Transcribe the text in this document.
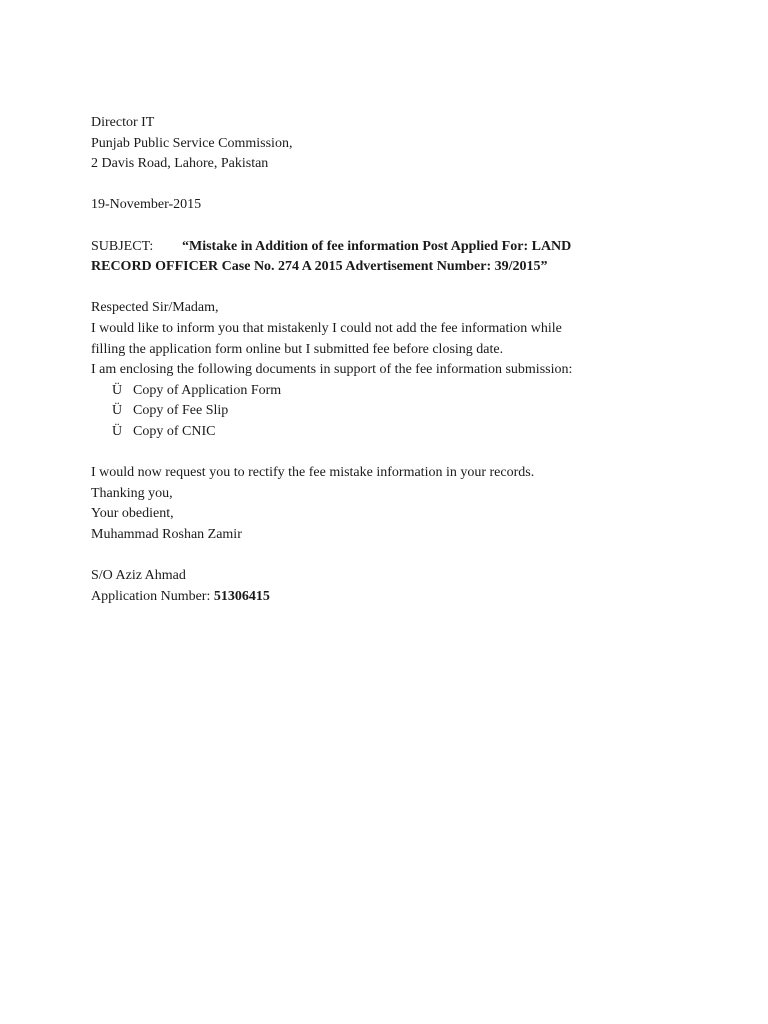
Director IT
Punjab Public Service Commission,
2 Davis Road, Lahore, Pakistan
19-November-2015
SUBJECT: “Mistake in Addition of fee information Post Applied For: LAND
RECORD OFFICER Case No. 274 A 2015 Advertisement Number: 39/2015”
Respected Sir/Madam,
I would like to inform you that mistakenly I could not add the fee information while
filling the application form online but I submitted fee before closing date.
I am enclosing the following documents in support of the fee information submission:
Ü Copy of Application Form
Ü Copy of Fee Slip
Ü Copy of CNIC
I would now request you to rectify the fee mistake information in your records.
Thanking you,
Your obedient,
Muhammad Roshan Zamir
S/O Aziz Ahmad
Application Number: 51306415
